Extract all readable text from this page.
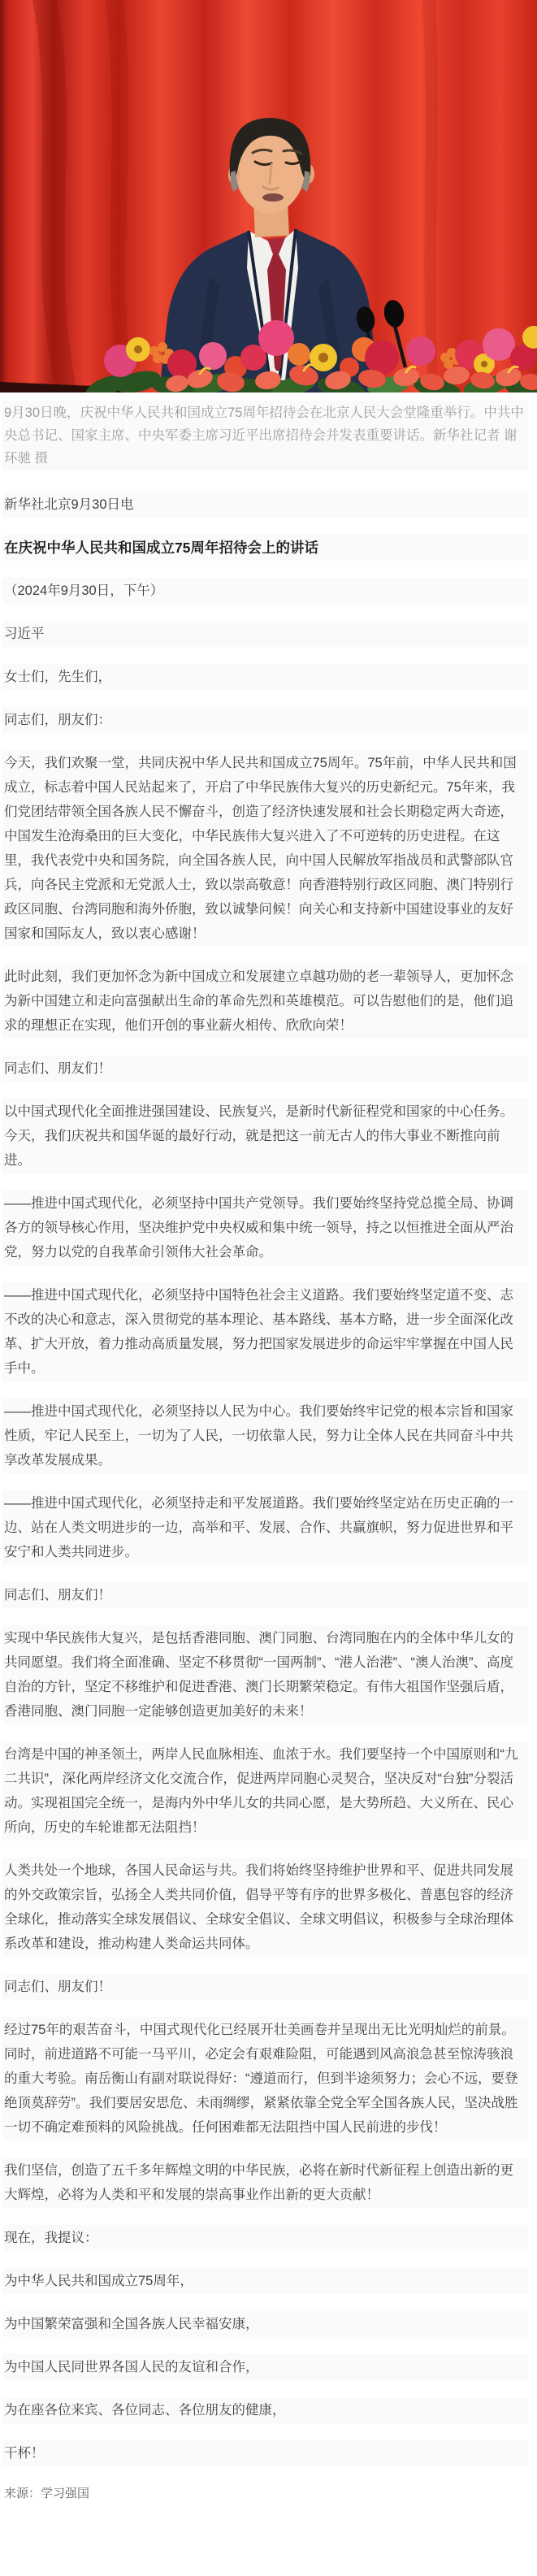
9月30日晚，庆祝中华人民共和国成立75周年招待会在北京人民大会堂隆重举行。中共中央总书记、国家主席、中央军委主席习近平出席招待会并发表重要讲话。新华社记者 谢环驰 摄

新华社北京9月30日电

在庆祝中华人民共和国成立75周年招待会上的讲话

（2024年9月30日，下午）

习近平

女士们，先生们，

同志们，朋友们：

今天，我们欢聚一堂，共同庆祝中华人民共和国成立75周年。75年前，中华人民共和国成立，标志着中国人民站起来了，开启了中华民族伟大复兴的历史新纪元。75年来，我们党团结带领全国各族人民不懈奋斗，创造了经济快速发展和社会长期稳定两大奇迹，中国发生沧海桑田的巨大变化，中华民族伟大复兴进入了不可逆转的历史进程。在这里，我代表党中央和国务院，向全国各族人民，向中国人民解放军指战员和武警部队官兵，向各民主党派和无党派人士，致以崇高敬意！向香港特别行政区同胞、澳门特别行政区同胞、台湾同胞和海外侨胞，致以诚挚问候！向关心和支持新中国建设事业的友好国家和国际友人，致以衷心感谢！

此时此刻，我们更加怀念为新中国成立和发展建立卓越功勋的老一辈领导人，更加怀念为新中国建立和走向富强献出生命的革命先烈和英雄模范。可以告慰他们的是，他们追求的理想正在实现，他们开创的事业薪火相传、欣欣向荣！

同志们、朋友们！

以中国式现代化全面推进强国建设、民族复兴，是新时代新征程党和国家的中心任务。今天，我们庆祝共和国华诞的最好行动，就是把这一前无古人的伟大事业不断推向前进。

——推进中国式现代化，必须坚持中国共产党领导。我们要始终坚持党总揽全局、协调各方的领导核心作用，坚决维护党中央权威和集中统一领导，持之以恒推进全面从严治党，努力以党的自我革命引领伟大社会革命。

——推进中国式现代化，必须坚持中国特色社会主义道路。我们要始终坚定道不变、志不改的决心和意志，深入贯彻党的基本理论、基本路线、基本方略，进一步全面深化改革、扩大开放，着力推动高质量发展，努力把国家发展进步的命运牢牢掌握在中国人民手中。

——推进中国式现代化，必须坚持以人民为中心。我们要始终牢记党的根本宗旨和国家性质，牢记人民至上，一切为了人民，一切依靠人民，努力让全体人民在共同奋斗中共享改革发展成果。

——推进中国式现代化，必须坚持走和平发展道路。我们要始终坚定站在历史正确的一边、站在人类文明进步的一边，高举和平、发展、合作、共赢旗帜，努力促进世界和平安宁和人类共同进步。

同志们、朋友们！

实现中华民族伟大复兴，是包括香港同胞、澳门同胞、台湾同胞在内的全体中华儿女的共同愿望。我们将全面准确、坚定不移贯彻“一国两制”、“港人治港”、“澳人治澳”、高度自治的方针，坚定不移维护和促进香港、澳门长期繁荣稳定。有伟大祖国作坚强后盾，香港同胞、澳门同胞一定能够创造更加美好的未来！

台湾是中国的神圣领土，两岸人民血脉相连、血浓于水。我们要坚持一个中国原则和“九二共识”，深化两岸经济文化交流合作，促进两岸同胞心灵契合，坚决反对“台独”分裂活动。实现祖国完全统一，是海内外中华儿女的共同心愿，是大势所趋、大义所在、民心所向，历史的车轮谁都无法阻挡！

人类共处一个地球，各国人民命运与共。我们将始终坚持维护世界和平、促进共同发展的外交政策宗旨，弘扬全人类共同价值，倡导平等有序的世界多极化、普惠包容的经济全球化，推动落实全球发展倡议、全球安全倡议、全球文明倡议，积极参与全球治理体系改革和建设，推动构建人类命运共同体。

同志们、朋友们！

经过75年的艰苦奋斗，中国式现代化已经展开壮美画卷并呈现出无比光明灿烂的前景。同时，前进道路不可能一马平川，必定会有艰难险阻，可能遇到风高浪急甚至惊涛骇浪的重大考验。南岳衡山有副对联说得好：“遵道而行，但到半途须努力；会心不远，要登绝顶莫辞劳”。我们要居安思危、未雨绸缪，紧紧依靠全党全军全国各族人民，坚决战胜一切不确定难预料的风险挑战。任何困难都无法阻挡中国人民前进的步伐！

我们坚信，创造了五千多年辉煌文明的中华民族，必将在新时代新征程上创造出新的更大辉煌，必将为人类和平和发展的崇高事业作出新的更大贡献！

现在，我提议：

为中华人民共和国成立75周年，

为中国繁荣富强和全国各族人民幸福安康，

为中国人民同世界各国人民的友谊和合作，

为在座各位来宾、各位同志、各位朋友的健康，

干杯！

来源：学习强国
